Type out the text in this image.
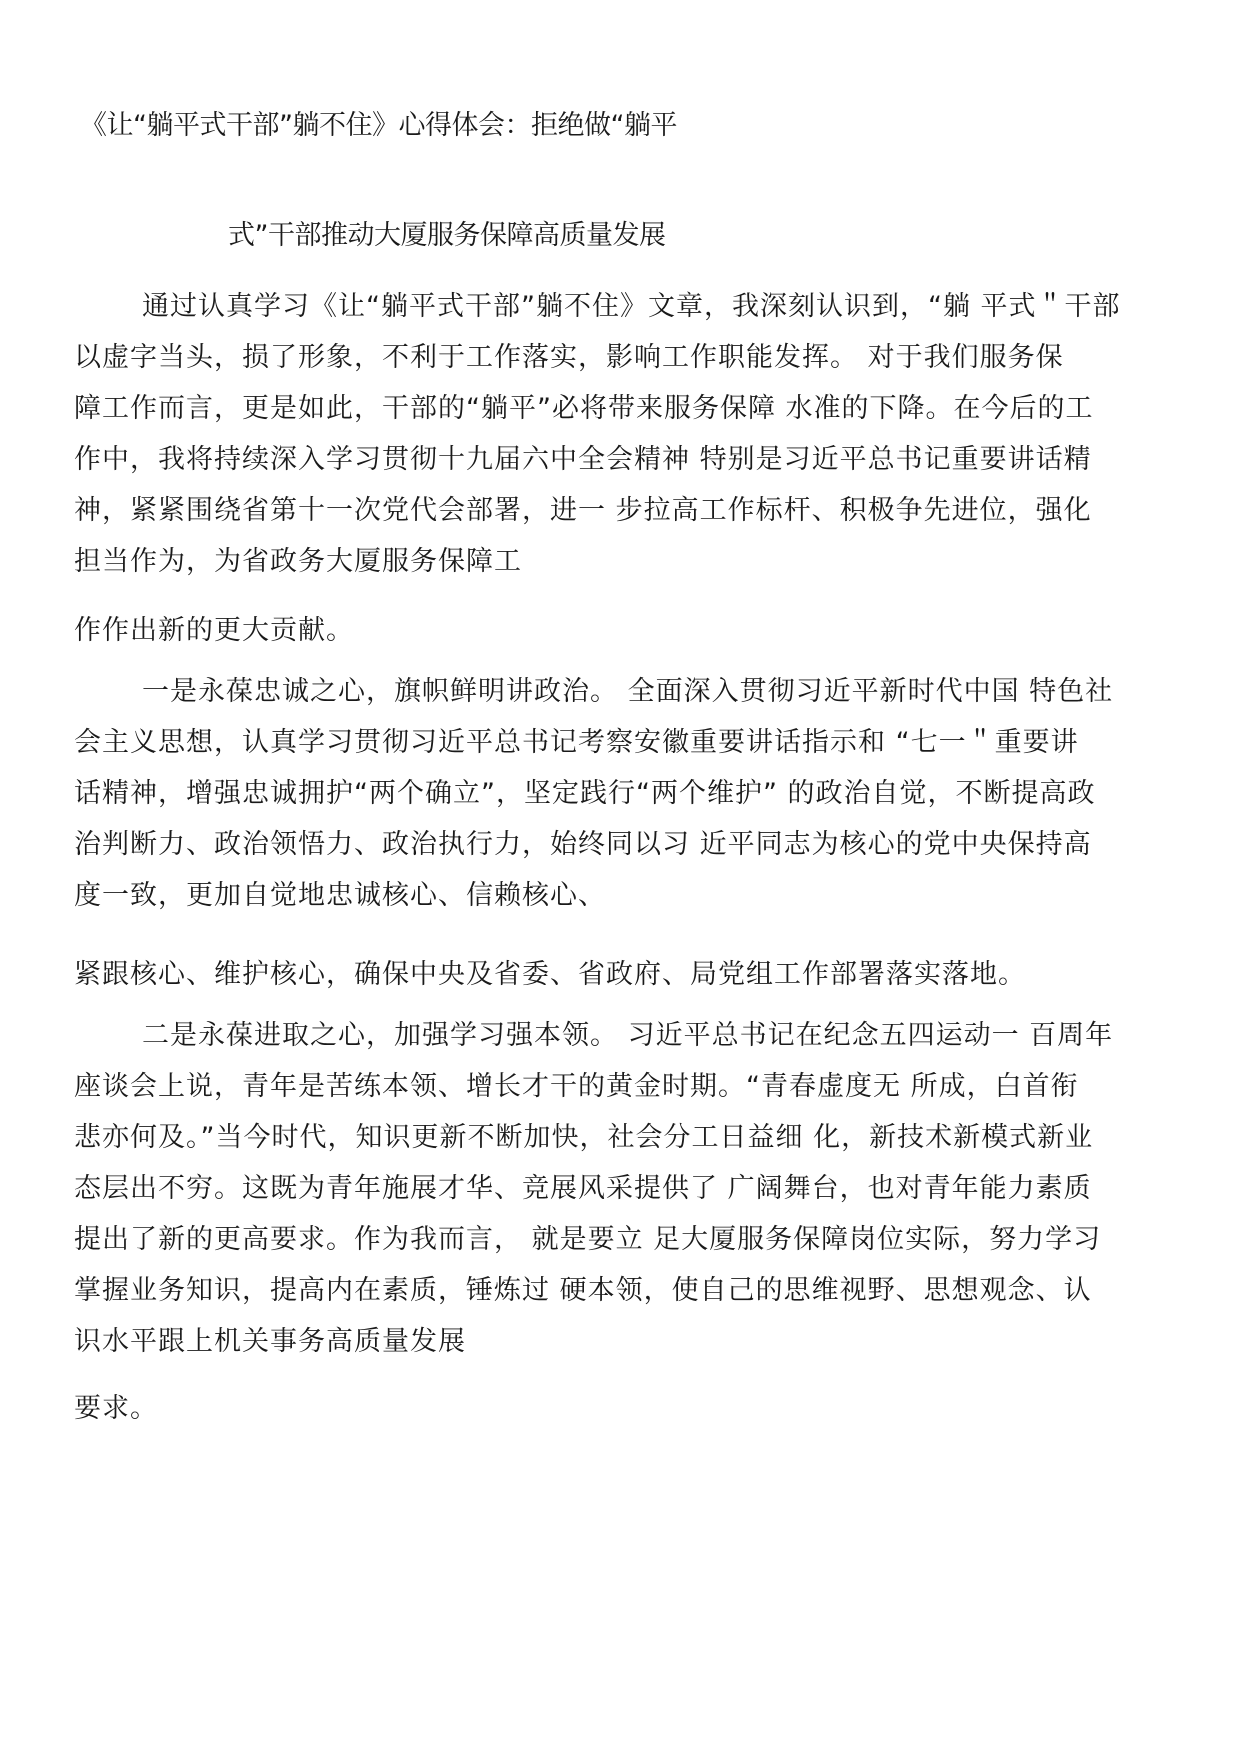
《让“躺平式干部”躺不住》心得体会：拒绝做“躺平
式”干部推动大厦服务保障高质量发展
通过认真学习《让“躺平式干部”躺不住》文章，我深刻认识到，“躺 平式＂干部
以虚字当头，损了形象，不利于工作落实，影响工作职能发挥。 对于我们服务保
障工作而言，更是如此，干部的“躺平”必将带来服务保障 水准的下降。在今后的工
作中，我将持续深入学习贯彻十九届六中全会精神 特别是习近平总书记重要讲话精
神，紧紧围绕省第十一次党代会部署，进一 步拉高工作标杆、积极争先进位，强化
担当作为，为省政务大厦服务保障工
作作出新的更大贡献。
一是永葆忠诚之心，旗帜鲜明讲政治。 全面深入贯彻习近平新时代中国 特色社
会主义思想，认真学习贯彻习近平总书记考察安徽重要讲话指示和 “七一＂重要讲
话精神，增强忠诚拥护“两个确立”，坚定践行“两个维护” 的政治自觉，不断提高政
治判断力、政治领悟力、政治执行力，始终同以习 近平同志为核心的党中央保持高
度一致，更加自觉地忠诚核心、信赖核心、
紧跟核心、维护核心，确保中央及省委、省政府、局党组工作部署落实落地。
二是永葆进取之心，加强学习强本领。 习近平总书记在纪念五四运动一 百周年
座谈会上说，青年是苦练本领、增长才干的黄金时期。“青春虚度无 所成，白首衔
悲亦何及。”当今时代，知识更新不断加快，社会分工日益细 化，新技术新模式新业
态层出不穷。这既为青年施展才华、竞展风采提供了 广阔舞台，也对青年能力素质
提出了新的更高要求。作为我而言， 就是要立 足大厦服务保障岗位实际，努力学习
掌握业务知识，提高内在素质，锤炼过 硬本领，使自己的思维视野、思想观念、认
识水平跟上机关事务高质量发展
要求。
